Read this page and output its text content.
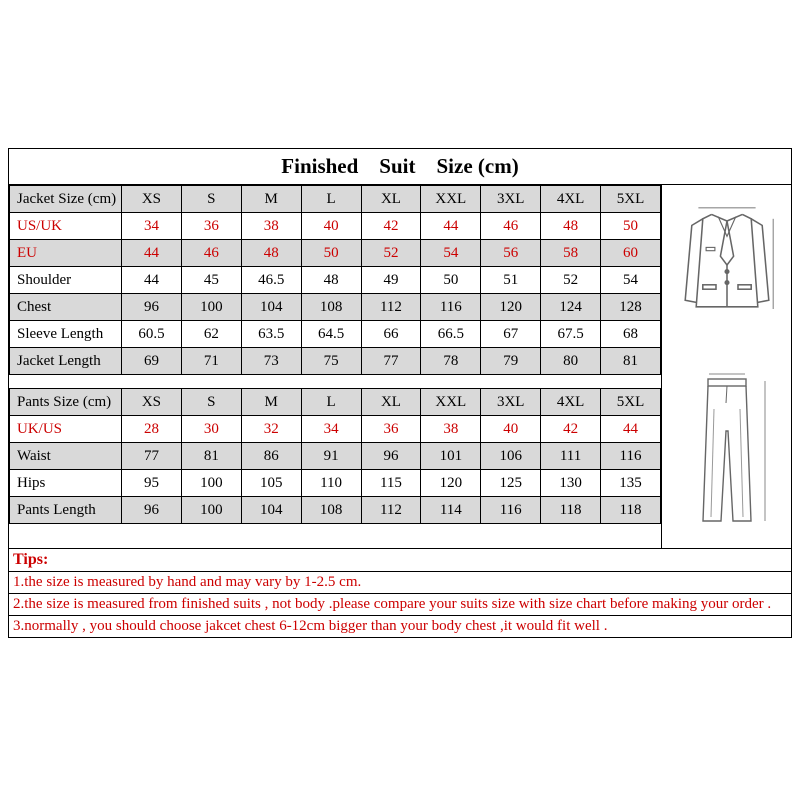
Finished    Suit    Size (cm)
Jacket Size (cm)	XS	S	M	L	XL	XXL	3XL	4XL	5XL
US/UK	34	36	38	40	42	44	46	48	50
EU	44	46	48	50	52	54	56	58	60
Shoulder	44	45	46.5	48	49	50	51	52	54
Chest	96	100	104	108	112	116	120	124	128
Sleeve Length	60.5	62	63.5	64.5	66	66.5	67	67.5	68
Jacket Length	69	71	73	75	77	78	79	80	81
Pants Size (cm)	XS	S	M	L	XL	XXL	3XL	4XL	5XL
UK/US	28	30	32	34	36	38	40	42	44
Waist	77	81	86	91	96	101	106	111	116
Hips	95	100	105	110	115	120	125	130	135
Pants Length	96	100	104	108	112	114	116	118	118
Tips:
1.the size is measured by hand and may vary by 1-2.5 cm.
2.the size is measured from finished suits , not body .please compare your suits size with size chart before making your order .
3.normally , you should choose jakcet chest 6-12cm bigger than your body chest ,it would fit well .
